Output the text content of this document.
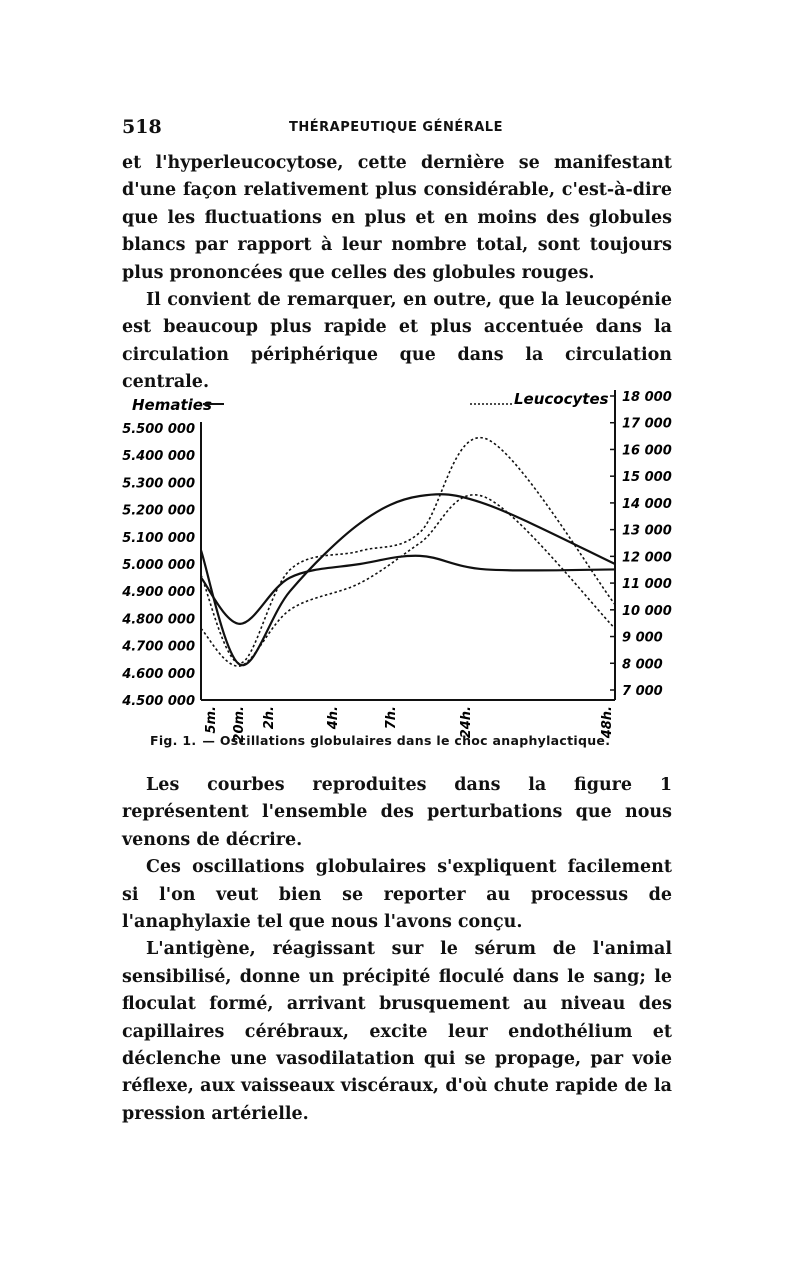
518	THÉRAPEUTIQUE GÉNÉRALE

et l'hyperleucocytose, cette dernière se manifestant d'une façon relativement plus considérable, c'est-à-dire que les fluctuations en plus et en moins des globules blancs par rapport à leur nombre total, sont toujours plus prononcées que celles des globules rouges.

Il convient de remarquer, en outre, que la leucopénie est beaucoup plus rapide et plus accentuée dans la circulation périphérique que dans la circulation centrale.

Hematies	Leucocytes
5.500 000
5.400 000
5.300 000
5.200 000
5.100 000
5.000 000
4.900 000
4.800 000
4.700 000
4.600 000
4.500 000
18 000
17 000
16 000
15 000
14 000
13 000
12 000
11 000
10 000
9 000
8 000
7 000
5m. 20m. 2h.	4h.	7h.	24h.	48h.
Fig. 1. — Oscillations globulaires dans le choc anaphylactique.

Les courbes reproduites dans la figure 1 représentent l'ensemble des perturbations que nous venons de décrire.

Ces oscillations globulaires s'expliquent facilement si l'on veut bien se reporter au processus de l'anaphylaxie tel que nous l'avons conçu.

L'antigène, réagissant sur le sérum de l'animal sensibilisé, donne un précipité floculé dans le sang; le floculat formé, arrivant brusquement au niveau des capillaires cérébraux, excite leur endothélium et déclenche une vasodilatation qui se propage, par voie réflexe, aux vaisseaux viscéraux, d'où chute rapide de la pression artérielle.
